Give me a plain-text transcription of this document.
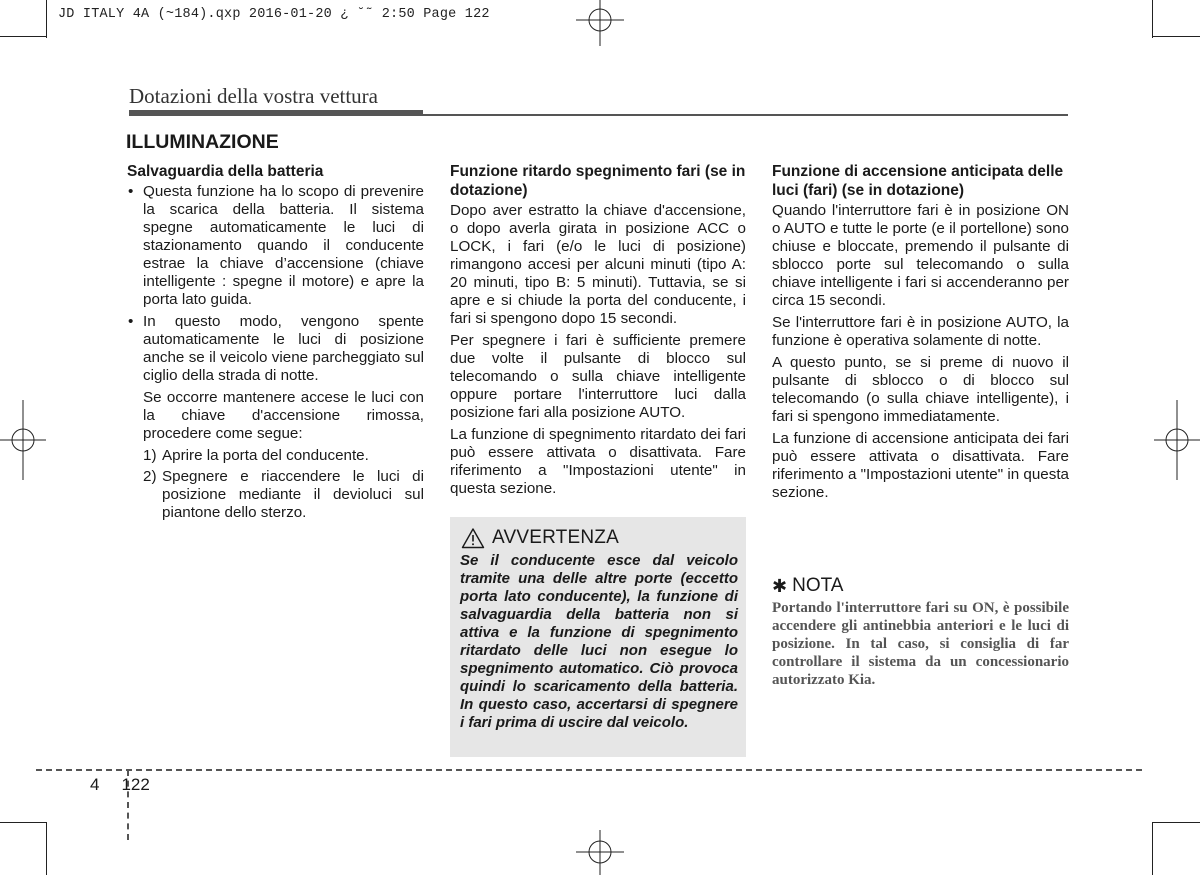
JD ITALY 4A (~184).qxp 2016-01-20 ¿ ˘˜ 2:50 Page 122
Dotazioni della vostra vettura
ILLUMINAZIONE
Salvaguardia della batteria
• Questa funzione ha lo scopo di prevenire la scarica della batteria. Il sistema spegne automaticamente le luci di stazionamento quando il conducente estrae la chiave d’accensione (chiave intelligente : spegne il motore) e apre la porta lato guida.
• In questo modo, vengono spente automaticamente le luci di posizione anche se il veicolo viene parcheggiato sul ciglio della strada di notte.

Se occorre mantenere accese le luci con la chiave d'accensione rimossa, procedere come segue:

1) Aprire la porta del conducente.
2) Spegnere e riaccendere le luci di posizione mediante il devioluci sul piantone dello sterzo.
Funzione ritardo spegnimento fari (se in dotazione)

Dopo aver estratto la chiave d'accensione, o dopo averla girata in posizione ACC o LOCK, i fari (e/o le luci di posizione) rimangono accesi per alcuni minuti (tipo A: 20 minuti, tipo B: 5 minuti). Tuttavia, se si apre e si chiude la porta del conducente, i fari si spengono dopo 15 secondi.

Per spegnere i fari è sufficiente premere due volte il pulsante di blocco sul telecomando o sulla chiave intelligente oppure portare l'interruttore luci dalla posizione fari alla posizione AUTO.

La funzione di spegnimento ritardato dei fari può essere attivata o disattivata. Fare riferimento a "Impostazioni utente" in questa sezione.

AVVERTENZA

Se il conducente esce dal veicolo tramite una delle altre porte (eccetto porta lato conducente), la funzione di salvaguardia della batteria non si attiva e la funzione di spegnimento ritardato delle luci non esegue lo spegnimento automatico. Ciò provoca quindi lo scaricamento della batteria. In questo caso, accertarsi di spegnere i fari prima di uscire dal veicolo.

Funzione di accensione anticipata delle luci (fari) (se in dotazione)

Quando l'interruttore fari è in posizione ON o AUTO e tutte le porte (e il portellone) sono chiuse e bloccate, premendo il pulsante di sblocco porte sul telecomando o sulla chiave intelligente i fari si accenderanno per circa 15 secondi.

Se l'interruttore fari è in posizione AUTO, la funzione è operativa solamente di notte.

A questo punto, se si preme di nuovo il pulsante di sblocco o di blocco sul telecomando (o sulla chiave intelligente), i fari si spengono immediatamente.

La funzione di accensione anticipata dei fari può essere attivata o disattivata. Fare riferimento a "Impostazioni utente" in questa sezione.

✱ NOTA

Portando l'interruttore fari su ON, è possibile accendere gli antinebbia anteriori e le luci di posizione. In tal caso, si consiglia di far controllare il sistema da un concessionario autorizzato Kia.

4 122
